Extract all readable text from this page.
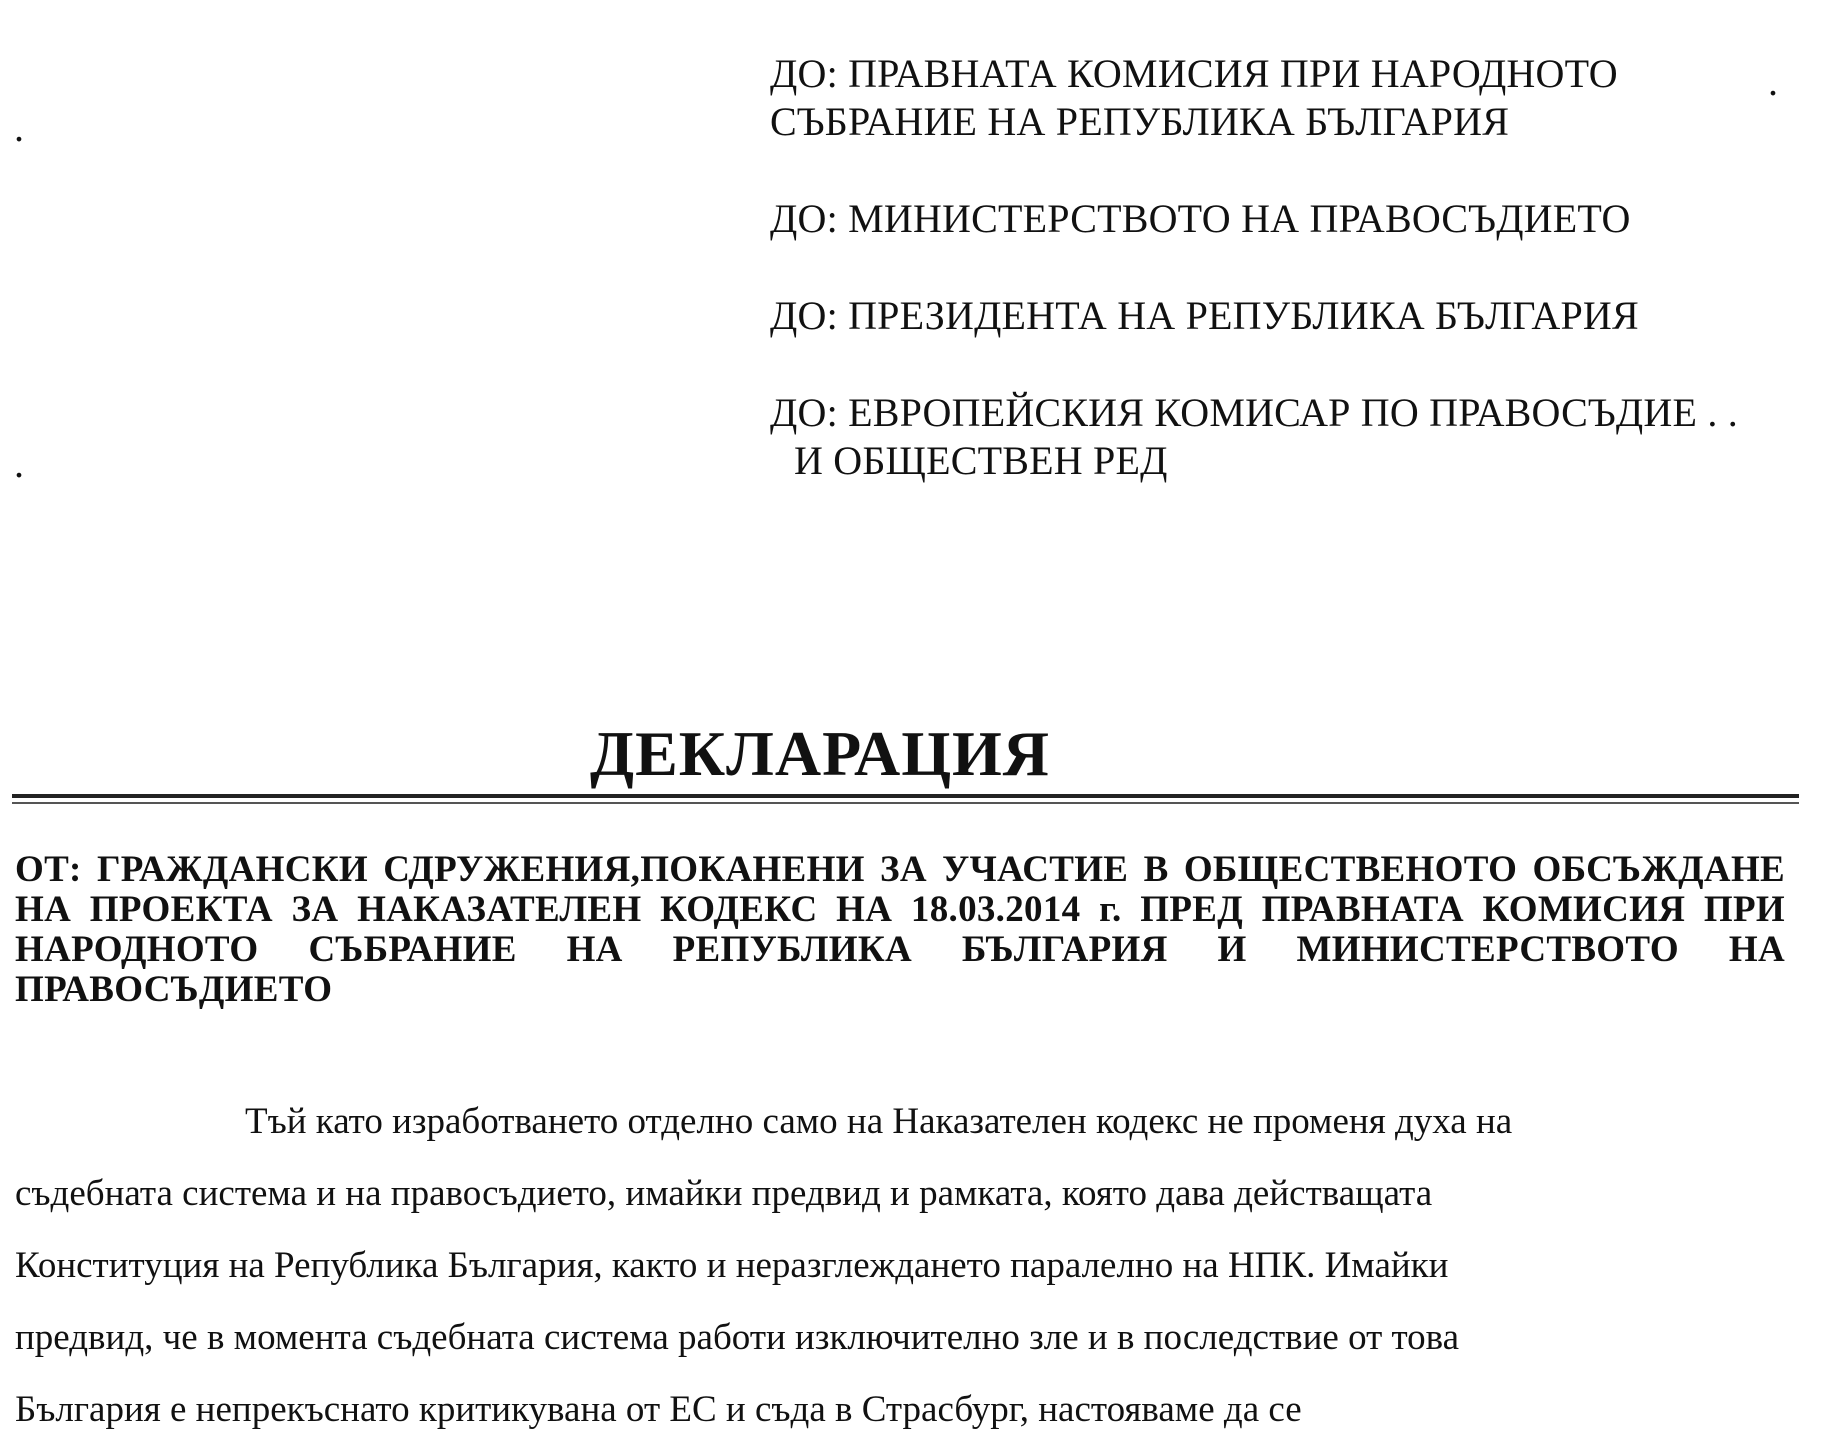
.
.
.
ДО: ПРАВНАТА КОМИСИЯ ПРИ НАРОДНОТО
СЪБРАНИЕ НА РЕПУБЛИКА БЪЛГАРИЯ
ДО: МИНИСТЕРСТВОТО НА ПРАВОСЪДИЕТО
ДО: ПРЕЗИДЕНТА НА РЕПУБЛИКА БЪЛГАРИЯ
ДО: ЕВРОПЕЙСКИЯ КОМИСАР ПО ПРАВОСЪДИЕ . .
И ОБЩЕСТВЕН РЕД
ДЕКЛАРАЦИЯ
ОТ: ГРАЖДАНСКИ СДРУЖЕНИЯ,ПОКАНЕНИ ЗА УЧАСТИЕ В ОБЩЕСТВЕНОТО ОБСЪЖДАНЕ НА ПРОЕКТА ЗА НАКАЗАТЕЛЕН КОДЕКС НА 18.03.2014 г. ПРЕД ПРАВНАТА КОМИСИЯ ПРИ НАРОДНОТО СЪБРАНИЕ НА РЕПУБЛИКА БЪЛГАРИЯ И МИНИСТЕРСТВОТО НА ПРАВОСЪДИЕТО
Тъй като изработването отделно само на Наказателен кодекс не променя духа на
съдебната система и на правосъдието, имайки предвид и рамката, която дава действащата
Конституция на Република България, както и неразглеждането паралелно на НПК. Имайки
предвид, че в момента съдебната система работи изключително зле и в последствие от това
България е непрекъснато критикувана от ЕС и съда в Страсбург, настояваме да се
